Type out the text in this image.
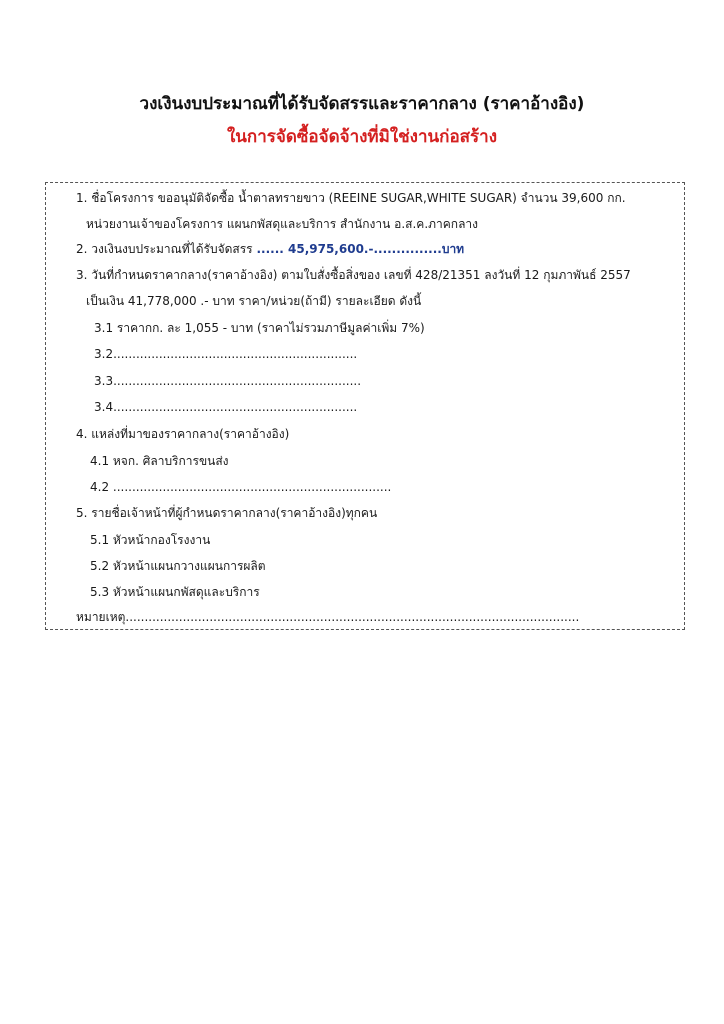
วงเงินงบประมาณที่ได้รับจัดสรรและราคากลาง (ราคาอ้างอิง)
ในการจัดซื้อจัดจ้างที่มิใช่งานก่อสร้าง

1. ชื่อโครงการ ขออนุมัติจัดซื้อ น้ำตาลทรายขาว (REEINE SUGAR,WHITE SUGAR) จำนวน 39,600 กก.

หน่วยงานเจ้าของโครงการ แผนกพัสดุและบริการ สำนักงาน อ.ส.ค.ภาคกลาง

2. วงเงินงบประมาณที่ได้รับจัดสรร ...... 45,975,600.-...............บาท

3. วันที่กำหนดราคากลาง(ราคาอ้างอิง) ตามใบสั่งซื้อสิ่งของ เลขที่ 428/21351 ลงวันที่ 12 กุมภาพันธ์ 2557

เป็นเงิน 41,778,000 .- บาท ราคา/หน่วย(ถ้ามี) รายละเอียด ดังนี้

3.1 ราคากก. ละ 1,055 - บาท (ราคาไม่รวมภาษีมูลค่าเพิ่ม 7%)

3.2................................................................

3.3.................................................................

3.4................................................................

4. แหล่งที่มาของราคากลาง(ราคาอ้างอิง)

4.1 หจก. ศิลาบริการขนส่ง

4.2 .........................................................................

5. รายชื่อเจ้าหน้าที่ผู้กำหนดราคากลาง(ราคาอ้างอิง)ทุกคน

5.1 หัวหน้ากองโรงงาน

5.2 หัวหน้าแผนกวางแผนการผลิต

5.3 หัวหน้าแผนกพัสดุและบริการ

หมายเหตุ.......................................................................................................................
